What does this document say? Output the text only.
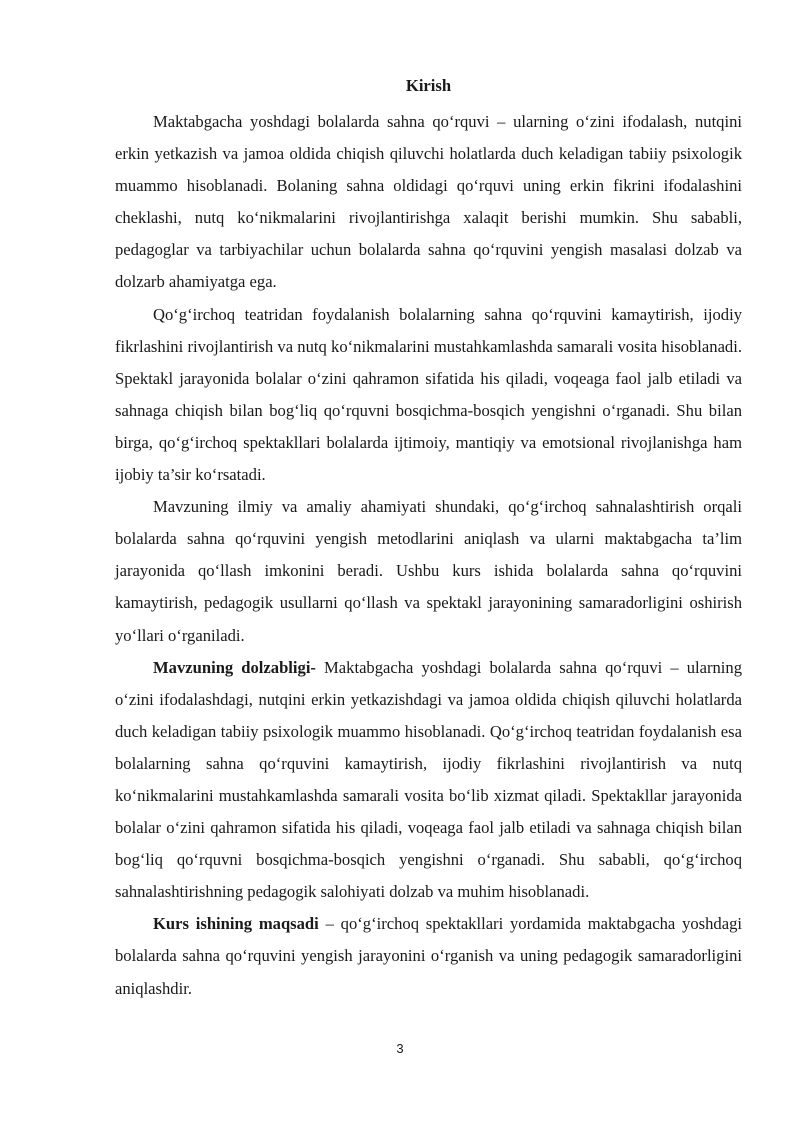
Kirish

Maktabgacha yoshdagi bolalarda sahna qo‘rquvi – ularning o‘zini ifodalash, nutqini erkin yetkazish va jamoa oldida chiqish qiluvchi holatlarda duch keladigan tabiiy psixologik muammo hisoblanadi. Bolaning sahna oldidagi qo‘rquvi uning erkin fikrini ifodalashini cheklashi, nutq ko‘nikmalarini rivojlantirishga xalaqit berishi mumkin. Shu sababli, pedagoglar va tarbiyachilar uchun bolalarda sahna qo‘rquvini yengish masalasi dolzab va dolzarb ahamiyatga ega.

Qo‘g‘irchoq teatridan foydalanish bolalarning sahna qo‘rquvini kamaytirish, ijodiy fikrlashini rivojlantirish va nutq ko‘nikmalarini mustahkamlashda samarali vosita hisoblanadi. Spektakl jarayonida bolalar o‘zini qahramon sifatida his qiladi, voqeaga faol jalb etiladi va sahnaga chiqish bilan bog‘liq qo‘rquvni bosqichma-bosqich yengishni o‘rganadi. Shu bilan birga, qo‘g‘irchoq spektakllari bolalarda ijtimoiy, mantiqiy va emotsional rivojlanishga ham ijobiy ta’sir ko‘rsatadi.

Mavzuning ilmiy va amaliy ahamiyati shundaki, qo‘g‘irchoq sahnalashtirish orqali bolalarda sahna qo‘rquvini yengish metodlarini aniqlash va ularni maktabgacha ta’lim jarayonida qo‘llash imkonini beradi. Ushbu kurs ishida bolalarda sahna qo‘rquvini kamaytirish, pedagogik usullarni qo‘llash va spektakl jarayonining samaradorligini oshirish yo‘llari o‘rganiladi.

Mavzuning dolzabligi- Maktabgacha yoshdagi bolalarda sahna qo‘rquvi – ularning o‘zini ifodalashdagi, nutqini erkin yetkazishdagi va jamoa oldida chiqish qiluvchi holatlarda duch keladigan tabiiy psixologik muammo hisoblanadi. Qo‘g‘irchoq teatridan foydalanish esa bolalarning sahna qo‘rquvini kamaytirish, ijodiy fikrlashini rivojlantirish va nutq ko‘nikmalarini mustahkamlashda samarali vosita bo‘lib xizmat qiladi. Spektakllar jarayonida bolalar o‘zini qahramon sifatida his qiladi, voqeaga faol jalb etiladi va sahnaga chiqish bilan bog‘liq qo‘rquvni bosqichma-bosqich yengishni o‘rganadi. Shu sababli, qo‘g‘irchoq sahnalashtirishning pedagogik salohiyati dolzab va muhim hisoblanadi.

Kurs ishining maqsadi – qo‘g‘irchoq spektakllari yordamida maktabgacha yoshdagi bolalarda sahna qo‘rquvini yengish jarayonini o‘rganish va uning pedagogik samaradorligini aniqlashdir.

3
